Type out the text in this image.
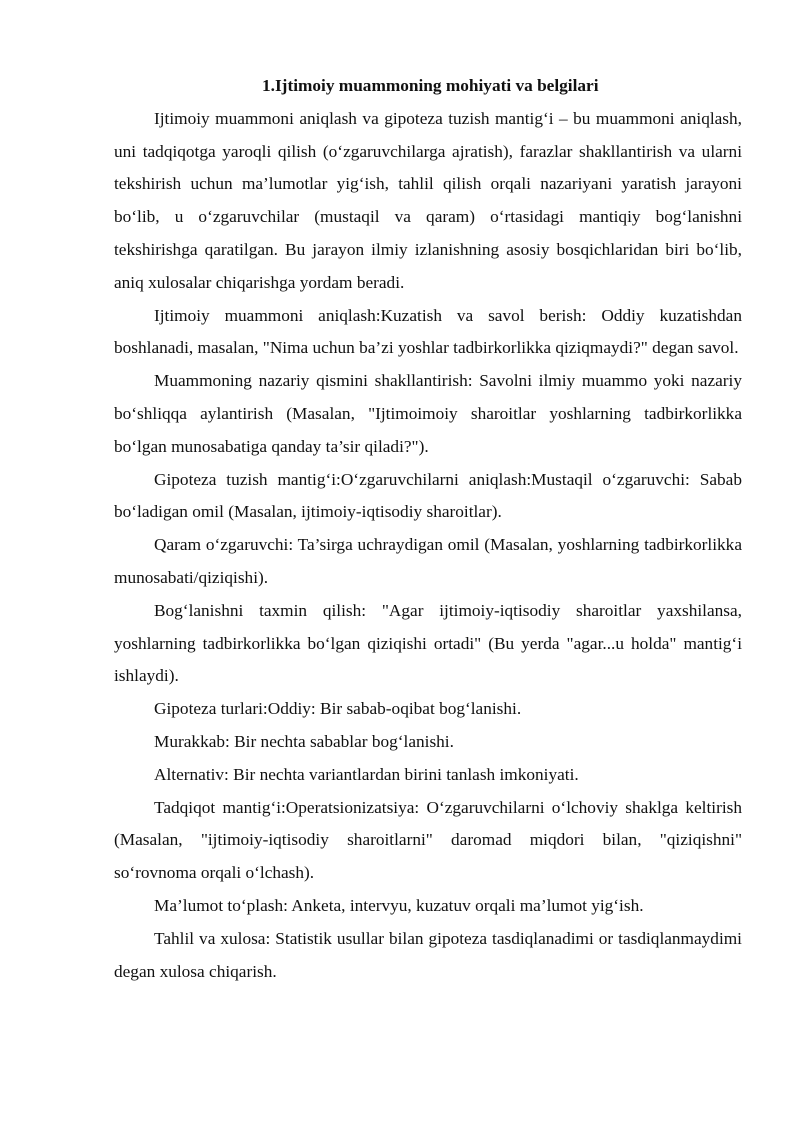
1.Ijtimoiy muammoning mohiyati va belgilari

Ijtimoiy muammoni aniqlash va gipoteza tuzish mantig‘i – bu muammoni aniqlash, uni tadqiqotga yaroqli qilish (o‘zgaruvchilarga ajratish), farazlar shakllantirish va ularni tekshirish uchun ma’lumotlar yig‘ish, tahlil qilish orqali nazariyani yaratish jarayoni bo‘lib, u o‘zgaruvchilar (mustaqil va qaram) o‘rtasidagi mantiqiy bog‘lanishni tekshirishga qaratilgan. Bu jarayon ilmiy izlanishning asosiy bosqichlaridan biri bo‘lib, aniq xulosalar chiqarishga yordam beradi.

Ijtimoiy muammoni aniqlash:Kuzatish va savol berish: Oddiy kuzatishdan boshlanadi, masalan, "Nima uchun ba’zi yoshlar tadbirkorlikka qiziqmaydi?" degan savol.

Muammoning nazariy qismini shakllantirish: Savolni ilmiy muammo yoki nazariy bo‘shliqqa aylantirish (Masalan, "Ijtimoimoiy sharoitlar yoshlarning tadbirkorlikka bo‘lgan munosabatiga qanday ta’sir qiladi?").

Gipoteza tuzish mantig‘i:O‘zgaruvchilarni aniqlash:Mustaqil o‘zgaruvchi: Sabab bo‘ladigan omil (Masalan, ijtimoiy-iqtisodiy sharoitlar).

Qaram o‘zgaruvchi: Ta’sirga uchraydigan omil (Masalan, yoshlarning tadbirkorlikka munosabati/qiziqishi).

Bog‘lanishni taxmin qilish: "Agar ijtimoiy-iqtisodiy sharoitlar yaxshilansa, yoshlarning tadbirkorlikka bo‘lgan qiziqishi ortadi" (Bu yerda "agar...u holda" mantig‘i ishlaydi).

Gipoteza turlari:Oddiy: Bir sabab-oqibat bog‘lanishi.

Murakkab: Bir nechta sabablar bog‘lanishi.

Alternativ: Bir nechta variantlardan birini tanlash imkoniyati.

Tadqiqot mantig‘i:Operatsionizatsiya: O‘zgaruvchilarni o‘lchoviy shaklga keltirish (Masalan, "ijtimoiy-iqtisodiy sharoitlarni" daromad miqdori bilan, "qiziqishni" so‘rovnoma orqali o‘lchash).

Ma’lumot to‘plash: Anketa, intervyu, kuzatuv orqali ma’lumot yig‘ish.

Tahlil va xulosa: Statistik usullar bilan gipoteza tasdiqlanadimi or tasdiqlanmaydimi degan xulosa chiqarish.
